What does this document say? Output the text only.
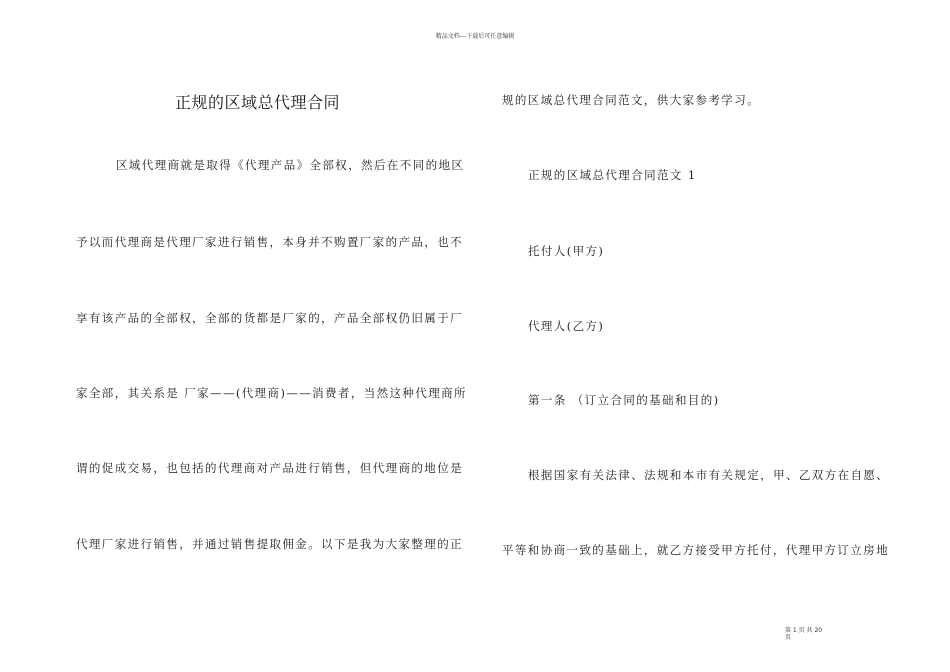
精品文档---下载后可任意编辑
正规的区域总代理合同
区域代理商就是取得《代理产品》全部权，然后在不同的地区
予以而代理商是代理厂家进行销售，本身并不购置厂家的产品，也不
享有该产品的全部权，全部的货都是厂家的，产品全部权仍旧属于厂
家全部，其关系是 厂家——(代理商)——消费者，当然这种代理商所
谓的促成交易，也包括的代理商对产品进行销售，但代理商的地位是
代理厂家进行销售，并通过销售提取佣金。以下是我为大家整理的正
规的区域总代理合同范文，供大家参考学习。
正规的区域总代理合同范文 1
托付人(甲方)
代理人(乙方)
第一条 （订立合同的基础和目的)
根据国家有关法律、法规和本市有关规定，甲、乙双方在自愿、
平等和协商一致的基础上，就乙方接受甲方托付，代理甲方订立房地
第 1 页 共 20 页
